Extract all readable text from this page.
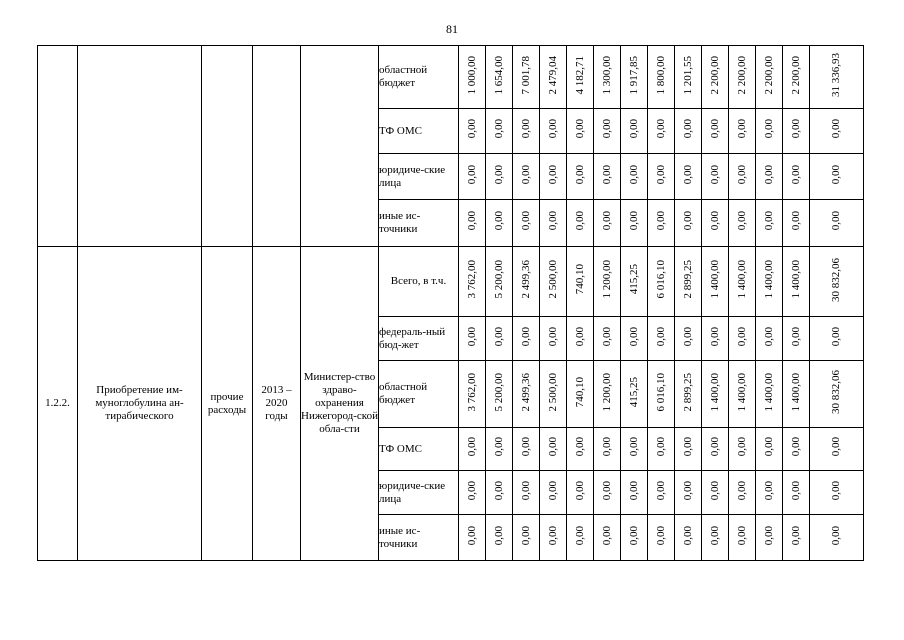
81
					областной бюджет	1 000,00	1 654,00	7 001,78	2 479,04	4 182,71	1 300,00	1 917,85	1 800,00	1 201,55	2 200,00	2 200,00	2 200,00	2 200,00	31 336,93
					ТФ ОМС	0,00	0,00	0,00	0,00	0,00	0,00	0,00	0,00	0,00	0,00	0,00	0,00	0,00	0,00
					юридиче-ские лица	0,00	0,00	0,00	0,00	0,00	0,00	0,00	0,00	0,00	0,00	0,00	0,00	0,00	0,00
					иные ис-точники	0,00	0,00	0,00	0,00	0,00	0,00	0,00	0,00	0,00	0,00	0,00	0,00	0,00	0,00
1.2.2.	Приобретение им-муноглобулина ан-тирабического	прочие расходы	2013 – 2020 годы	Министер-ство здраво-охранения Нижегород-ской обла-сти	Всего, в т.ч.	3 762,00	5 200,00	2 499,36	2 500,00	740,10	1 200,00	415,25	6 016,10	2 899,25	1 400,00	1 400,00	1 400,00	1 400,00	30 832,06
					федераль-ный бюд-жет	0,00	0,00	0,00	0,00	0,00	0,00	0,00	0,00	0,00	0,00	0,00	0,00	0,00	0,00
					областной бюджет	3 762,00	5 200,00	2 499,36	2 500,00	740,10	1 200,00	415,25	6 016,10	2 899,25	1 400,00	1 400,00	1 400,00	1 400,00	30 832,06
					ТФ ОМС	0,00	0,00	0,00	0,00	0,00	0,00	0,00	0,00	0,00	0,00	0,00	0,00	0,00	0,00
					юридиче-ские лица	0,00	0,00	0,00	0,00	0,00	0,00	0,00	0,00	0,00	0,00	0,00	0,00	0,00	0,00
					иные ис-точники	0,00	0,00	0,00	0,00	0,00	0,00	0,00	0,00	0,00	0,00	0,00	0,00	0,00	0,00
